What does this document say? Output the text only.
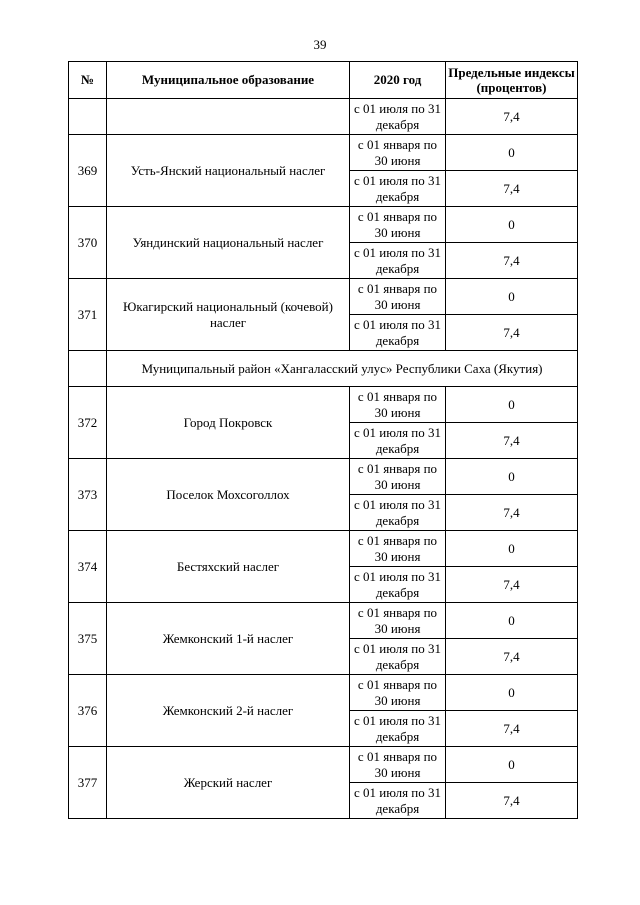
39
№	Муниципальное образование	2020 год	Предельные индексы (процентов)
		с 01 июля по 31 декабря	7,4
369	Усть-Янский национальный наслег	с 01 января по 30 июня	0
		с 01 июля по 31 декабря	7,4
370	Уяндинский национальный наслег	с 01 января по 30 июня	0
		с 01 июля по 31 декабря	7,4
371	Юкагирский национальный (кочевой) наслег	с 01 января по 30 июня	0
		с 01 июля по 31 декабря	7,4
	Муниципальный район «Хангаласский улус» Республики Саха (Якутия)		
372	Город Покровск	с 01 января по 30 июня	0
		с 01 июля по 31 декабря	7,4
373	Поселок Мохсоголлох	с 01 января по 30 июня	0
		с 01 июля по 31 декабря	7,4
374	Бестяхский наслег	с 01 января по 30 июня	0
		с 01 июля по 31 декабря	7,4
375	Жемконский 1-й наслег	с 01 января по 30 июня	0
		с 01 июля по 31 декабря	7,4
376	Жемконский 2-й наслег	с 01 января по 30 июня	0
		с 01 июля по 31 декабря	7,4
377	Жерский наслег	с 01 января по 30 июня	0
		с 01 июля по 31 декабря	7,4
